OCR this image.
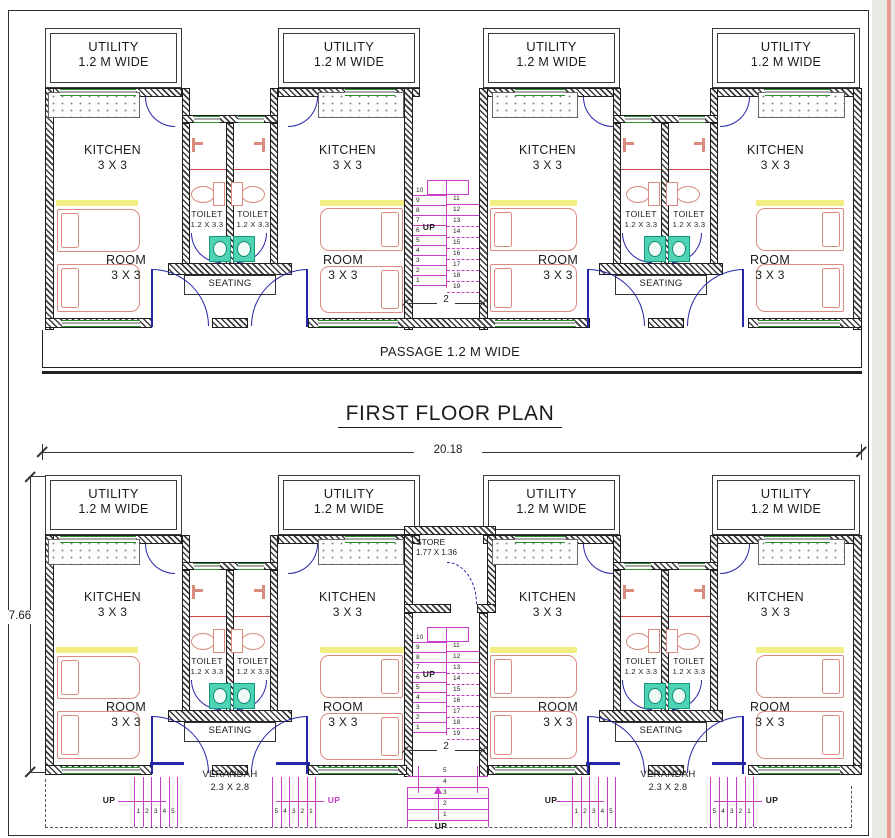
UTILITY
1.2 M WIDE
UTILITY
1.2 M WIDE
UTILITY
1.2 M WIDE
UTILITY
1.2 M WIDE
KITCHEN
3 X 3
KITCHEN
3 X 3
KITCHEN
3 X 3
KITCHEN
3 X 3
ROOM
3 X 3
ROOM
3 X 3
ROOM
3 X 3
ROOM
3 X 3
TOILET
1.2 X 3.3
TOILET
1.2 X 3.3
TOILET
1.2 X 3.3
TOILET
1.2 X 3.3
SEATING	SEATING
10
9
8
7
6
5
4
3
2
1
11
12
13
14
15
16
17
18
19
UP
2
PASSAGE 1.2 M WIDE
FIRST FLOOR PLAN
20.18
7.66
UTILITY
1.2 M WIDE
UTILITY
1.2 M WIDE
UTILITY
1.2 M WIDE
UTILITY
1.2 M WIDE
STORE
1.77 X 1.36
KITCHEN
3 X 3
KITCHEN
3 X 3
KITCHEN
3 X 3
KITCHEN
3 X 3
ROOM
3 X 3
ROOM
3 X 3
ROOM
3 X 3
ROOM
3 X 3
TOILET
1.2 X 3.3
TOILET
1.2 X 3.3
TOILET
1.2 X 3.3
TOILET
1.2 X 3.3
SEATING	SEATING
10
9
8
7
6
5
4
3
2
1
11
12
13
14
15
16
17
18
19
UP
2
VERANDAH
2.3 X 2.8
VERANDAH
2.3 X 2.8
1 2 3 4 5	5 4 3 2 1	1 2 3 4 5	5 4 3 2 1
UP	UP	UP	UP
5
4
3
2
1
UP
